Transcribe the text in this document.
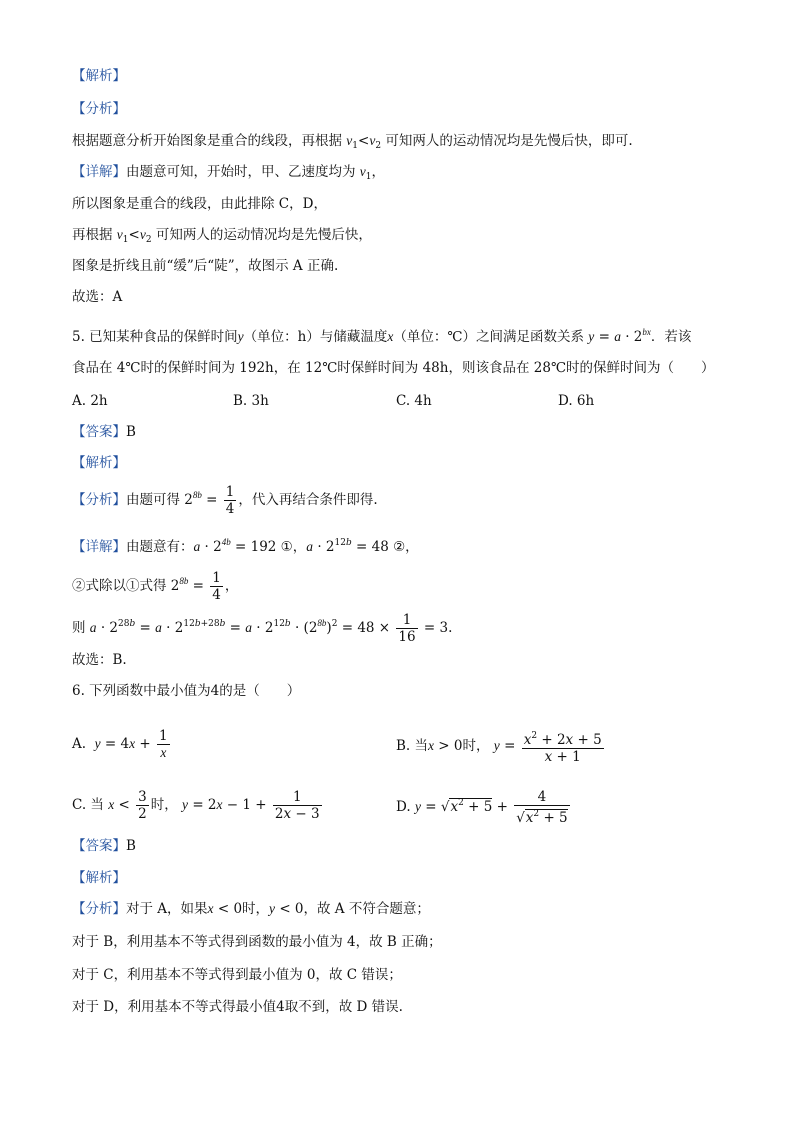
【解析】
【分析】
根据题意分析开始图象是重合的线段，再根据 $v_1<v_2$ 可知两人的运动情况均是先慢后快，即可.
【详解】由题意可知，开始时，甲、乙速度均为 $v_1$，
所以图象是重合的线段，由此排除 C，D，
再根据 $v_1<v_2$ 可知两人的运动情况均是先慢后快，
图象是折线且前“缓”后“陡”，故图示 A 正确.
故选：A
5. 已知某种食品的保鲜时间y（单位：h）与储藏温度x（单位：℃）之间满足函数关系 $y = a \cdot 2^{bx}$．若该
食品在 4℃时的保鲜时间为 192h，在 12℃时保鲜时间为 48h，则该食品在 28℃时的保鲜时间为（　　）
A. 2h	B. 3h	C. 4h	D. 6h
【答案】B
【解析】
【分析】由题可得 $2^{8b} = \frac{1}{4}$ ，代入再结合条件即得.
【详解】由题意有：$a \cdot 2^{4b} = 192$ ①，$a \cdot 2^{12b} = 48$ ②，
②式除以①式得 $2^{8b} = \frac{1}{4}$ ，
则 $a \cdot 2^{28b} = a \cdot 2^{12b+28b} = a \cdot 2^{12b} \cdot (2^{8b})^2 = 48 \times \frac{1}{16} = 3$.
故选：B.
6. 下列函数中最小值为4的是（　　）
A. $y = 4x + \frac{1}{x}$	B. 当x > 0时， $y = \frac{x^2 + 2x + 5}{x + 1}$
C. 当 $x < \frac{3}{2}$ 时， $y = 2x - 1 + \frac{1}{2x - 3}$	D. $y = √x^2 + 5 + \frac{4}{√x^2 + 5}$
【答案】B
【解析】
【分析】对于 A，如果x < 0时，y < 0，故 A 不符合题意；
对于 B，利用基本不等式得到函数的最小值为 4，故 B 正确；
对于 C，利用基本不等式得到最小值为 0，故 C 错误；
对于 D，利用基本不等式得最小值4取不到，故 D 错误.
